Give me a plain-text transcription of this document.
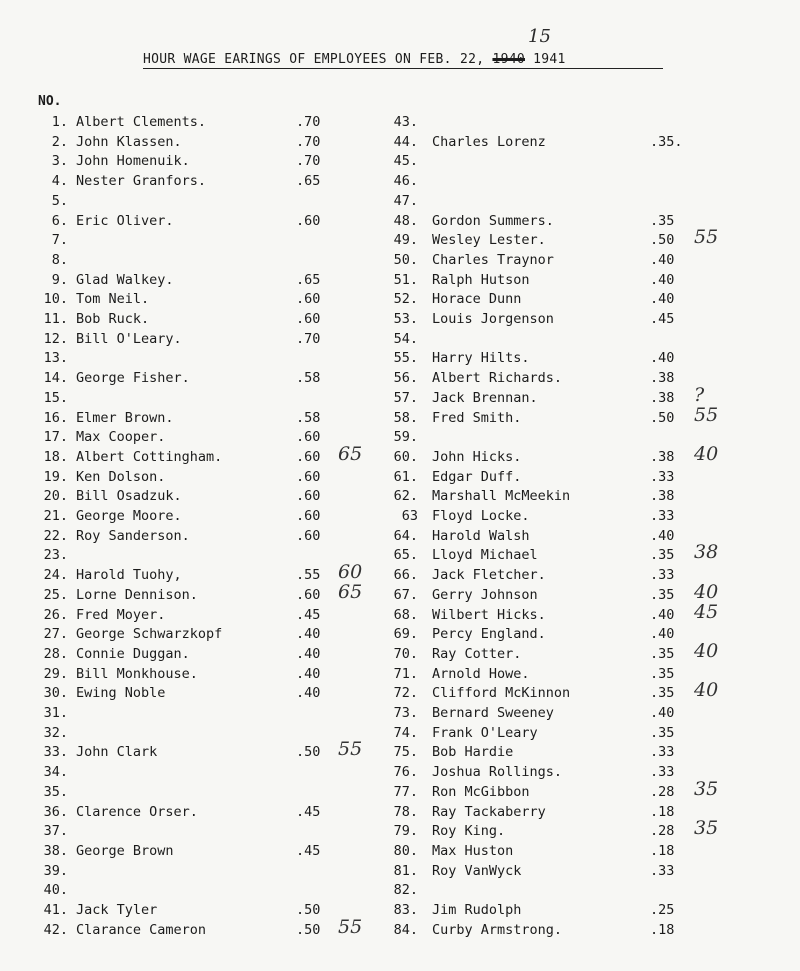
15
HOUR WAGE EARINGS OF EMPLOYEES ON FEB. 22, 1940 1941
NO.
1. Albert Clements.	.70
2. John Klassen.	.70
3. John Homenuik.	.70
4. Nester Granfors.	.65
5.
6. Eric Oliver.	.60
7.
8.
9. Glad Walkey.	.65
10. Tom Neil.	.60
11. Bob Ruck.	.60
12. Bill O'Leary.	.70
13.
14. George Fisher.	.58
15.
16. Elmer Brown.	.58
17. Max Cooper.	.60
18. Albert Cottingham.	.60 65
19. Ken Dolson.	.60
20. Bill Osadzuk.	.60
21. George Moore.	.60
22. Roy Sanderson.	.60
23.
24. Harold Tuohy,	.55 60
25. Lorne Dennison.	.60 65
26. Fred Moyer.	.45
27. George Schwarzkopf	.40
28. Connie Duggan.	.40
29. Bill Monkhouse.	.40
30. Ewing Noble	.40
31.
32.
33. John Clark	.50 55
34.
35.
36. Clarence Orser.	.45
37.
38. George Brown	.45
39.
40.
41. Jack Tyler	.50
42. Clarance Cameron	.50 55
43.
44. Charles Lorenz	.35.
45.
46.
47.
48. Gordon Summers.	.35
49. Wesley Lester.	.50 55
50. Charles Traynor	.40
51. Ralph Hutson	.40
52. Horace Dunn	.40
53. Louis Jorgenson	.45
54.
55. Harry Hilts.	.40
56. Albert Richards.	.38
57. Jack Brennan.	.38 ?
58. Fred Smith.	.50 55
59.
60. John Hicks.	.38 40
61. Edgar Duff.	.33
62. Marshall McMeekin	.38
63 Floyd Locke.	.33
64. Harold Walsh	.40
65. Lloyd Michael	.35 38
66. Jack Fletcher.	.33
67. Gerry Johnson	.35 40
68. Wilbert Hicks.	.40 45
69. Percy England.	.40
70. Ray Cotter.	.35 40
71. Arnold Howe.	.35
72. Clifford McKinnon	.35 40
73. Bernard Sweeney	.40
74. Frank O'Leary	.35
75. Bob Hardie	.33
76. Joshua Rollings.	.33
77. Ron McGibbon	.28 35
78. Ray Tackaberry	.18
79. Roy King.	.28 35
80. Max Huston	.18
81. Roy VanWyck	.33
82.
83. Jim Rudolph	.25
84. Curby Armstrong.	.18
